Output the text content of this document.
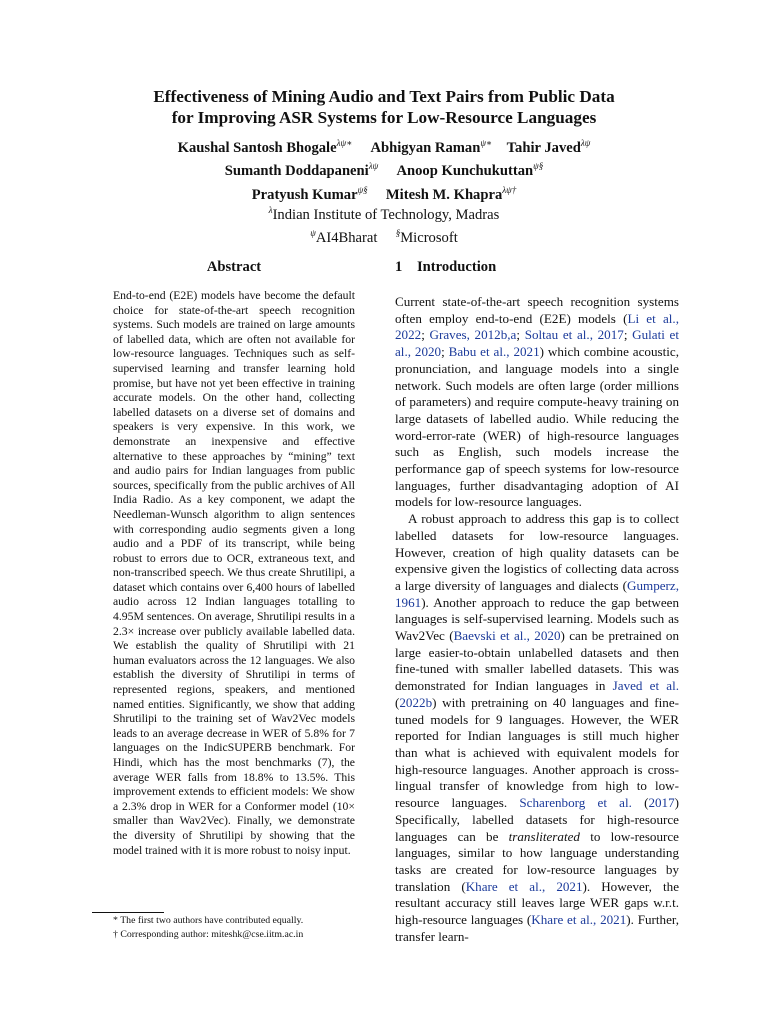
Effectiveness of Mining Audio and Text Pairs from Public Data
for Improving ASR Systems for Low-Resource Languages
Kaushal Santosh Bhogale$^{\lambda\psi∗}$ Abhigyan Raman$^{\psi∗}$ Tahir Javed$^{\lambda\psi}$
Sumanth Doddapaneni$^{\lambda\psi}$ Anoop Kunchukuttan$^{\psi\S}$
Pratyush Kumar$^{\psi\S}$ Mitesh M. Khapra$^{\lambda\psi\dagger}$
$^\lambda$Indian Institute of Technology, Madras
$^\psi$AI4Bharat §Microsoft
Abstract

End-to-end (E2E) models have become the default choice for state-of-the-art speech recognition systems. Such models are trained on large amounts of labelled data, which are often not available for low-resource languages. Techniques such as self-supervised learning and transfer learning hold promise, but have not yet been effective in training accurate models. On the other hand, collecting labelled datasets on a diverse set of domains and speakers is very expensive. In this work, we demonstrate an inexpensive and effective alternative to these approaches by “mining” text and audio pairs for Indian languages from public sources, specifically from the public archives of All India Radio. As a key component, we adapt the Needleman-Wunsch algorithm to align sentences with corresponding audio segments given a long audio and a PDF of its transcript, while being robust to errors due to OCR, extraneous text, and non-transcribed speech. We thus create Shrutilipi, a dataset which contains over 6,400 hours of labelled audio across 12 Indian languages totalling to 4.95M sentences. On average, Shrutilipi results in a 2.3× increase over publicly available labelled data. We establish the quality of Shrutilipi with 21 human evaluators across the 12 languages. We also establish the diversity of Shrutilipi in terms of represented regions, speakers, and mentioned named entities. Significantly, we show that adding Shrutilipi to the training set of Wav2Vec models leads to an average decrease in WER of 5.8% for 7 languages on the IndicSUPERB benchmark. For Hindi, which has the most benchmarks (7), the average WER falls from 18.8% to 13.5%. This improvement extends to efficient models: We show a 2.3% drop in WER for a Conformer model (10× smaller than Wav2Vec). Finally, we demonstrate the diversity of Shrutilipi by showing that the model trained with it is more robust to noisy input.

1 Introduction

Current state-of-the-art speech recognition systems often employ end-to-end (E2E) models (Li et al., 2022; Graves, 2012b,a; Soltau et al., 2017; Gulati et al., 2020; Babu et al., 2021) which combine acoustic, pronunciation, and language models into a single network. Such models are often large (order millions of parameters) and require compute-heavy training on large datasets of labelled audio. While reducing the word-error-rate (WER) of high-resource languages such as English, such models increase the performance gap of speech systems for low-resource languages, further disadvantaging adoption of AI models for low-resource languages.

A robust approach to address this gap is to collect labelled datasets for low-resource languages. However, creation of high quality datasets can be expensive given the logistics of collecting data across a large diversity of languages and dialects (Gumperz, 1961). Another approach to reduce the gap between languages is self-supervised learning. Models such as Wav2Vec (Baevski et al., 2020) can be pretrained on large easier-to-obtain unlabelled datasets and then fine-tuned with smaller labelled datasets. This was demonstrated for Indian languages in Javed et al. (2022b) with pretraining on 40 languages and fine-tuned models for 9 languages. However, the WER reported for Indian languages is still much higher than what is achieved with equivalent models for high-resource languages. Another approach is cross-lingual transfer of knowledge from high to low-resource languages. Scharenborg et al. (2017) Specifically, labelled datasets for high-resource languages can be transliterated to low-resource languages, similar to how language understanding tasks are created for low-resource languages by translation (Khare et al., 2021). However, the resultant accuracy still leaves large WER gaps w.r.t. high-resource languages (Khare et al., 2021). Further, transfer learn-

* The first two authors have contributed equally.
† Corresponding author: miteshk@cse.iitm.ac.in
